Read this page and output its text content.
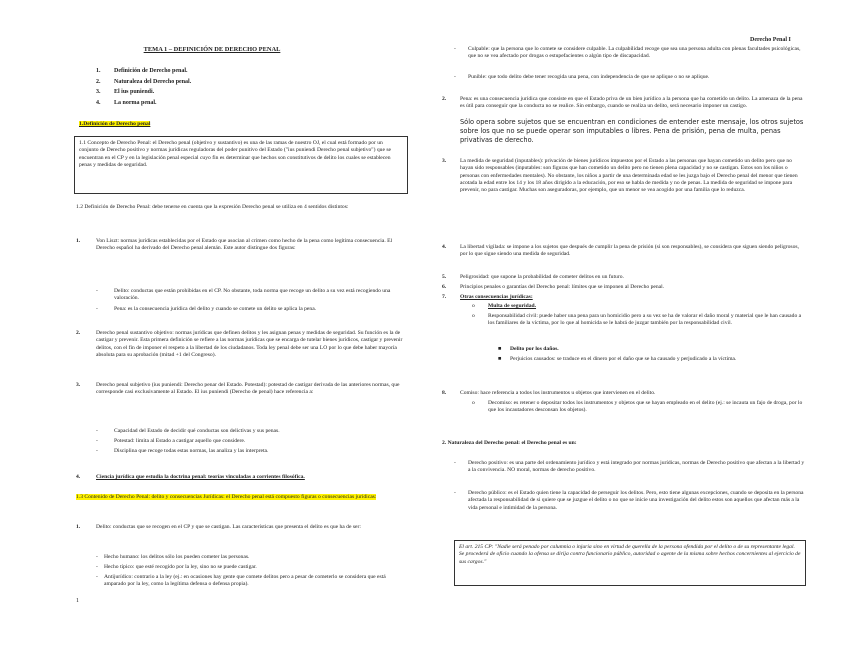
TEMA 1 – DEFINICIÓN DE DERECHO PENAL
1. Definición de Derecho penal.
2. Naturaleza del Derecho penal.
3. El ius puniendi.
4. La norma penal.
1.Definición de Derecho penal
1.1 Concepto de Derecho Penal: el Derecho penal (objetivo y sustantivo) es una de las ramas de nuestro OJ, el cual está formado por un conjunto de Derecho positivo y normas jurídicas reguladoras del poder punitivo del Estado ("ius puniendi Derecho penal subjetivo") que se encuentran en el CP y en la legislación penal especial cuyo fin es determinar que hechos son constitutivos de delito los cuales se establecen penas y medidas de seguridad.
1.2 Definición de Derecho Penal: debe tenerse en cuenta que la expresión Derecho penal se utiliza en 4 sentidos distintos:
1.	Von Liszt: normas jurídicas establecidas por el Estado que asocian al crimen como hecho de la pena como legítima consecuencia. El Derecho español ha derivado del Derecho penal alemán. Este autor distingue dos figuras:
-	Delito: conductas que están prohibidas en el CP. No obstante, toda norma que recoge un delito a su vez está recogiendo una valoración.
-	Pena: es la consecuencia jurídica del delito y cuando se comete un delito se aplica la pena.
2.	Derecho penal sustantivo objetivo: normas jurídicas que definen delitos y les asignan penas y medidas de seguridad. Su función es la de castigar y prevenir. Esta primera definición se refiere a las normas jurídicas que se encarga de tutelar bienes jurídicos, castigar y prevenir delitos, con el fin de imponer el respeto a la libertad de los ciudadanos. Toda ley penal debe ser una LO por lo que debe haber mayoría absoluta para su aprobación (mitad +1 del Congreso).
3.	Derecho penal subjetivo (ius puniendi: Derecho penar del Estado. Potestad): potestad de castigar derivada de las anteriores normas, que corresponde casi exclusivamente al Estado. El ius puniendi (Derecho de penal) hace referencia a:
-	Capacidad del Estado de decidir qué conductas son delictivas y sus penas.
-	Potestad: limita al Estado a castigar aquello que considere.
-	Disciplina que recoge todas estas normas, las analiza y las interpreta.
4.	Ciencia jurídica que estudia la doctrina penal: teorías vinculadas a corrientes filosófica.
1.3 Contenido de Derecho Penal: delito y consecuencias Jurídicas: el Derecho penal está compuesto figuras o consecuencias jurídicas:
1.	Delito: conductas que se recogen en el CP y que se castigan. Las características que presenta el delito es que ha de ser:
- Hecho humano: los delitos sólo los pueden cometer las personas.
- Hecho típico: que esté recogido por la ley, sino no se puede castigar.
- Antijurídico: contrario a la ley (ej.: en ocasiones hay gente que comete delitos pero a pesar de cometerlo se considera que está amparado por la ley, como la legítima defensa o defensa propia).
1
Derecho Penal I
- Culpable: que la persona que lo comete se considere culpable. La culpabilidad recoge que sea una persona adulta con plenas facultades psicológicas, que no se vea afectado por drogas o estupefacientes o algún tipo de discapacidad.
- Punible: que todo delito debe tener recogida una pena, con independencia de que se aplique o no se aplique.
2. Pena: es una consecuencia jurídica que consiste en que el Estado priva de un bien jurídico a la persona que ha cometido un delito. La amenaza de la pena es útil para conseguir que la conducta no se realice. Sin embargo, cuando se realiza un delito, será necesario imponer un castigo.
Sólo opera sobre sujetos que se encuentran en condiciones de entender este mensaje, los otros sujetos sobre los que no se puede operar son imputables o libres. Pena de prisión, pena de multa, penas privativas de derecho.
3. La medida de seguridad (inputables): privación de bienes jurídicos impuestos por el Estado a las personas que hayan cometido un delito pero que no hayan sido responsables (inputables: son figuras que han cometido un delito pero no tienen plena capacidad y no se castigan. Estos son los niños o personas con enfermedades mentales). No obstante, los niños a partir de una determinada edad se les juzga bajo el Derecho penal del menor que tienen acotada la edad entre los 14 y los 18 años dirigido a la educación, por eso se habla de medida y no de penas. La medida de seguridad se impone para prevenir, no para castigar. Muchas son aseguradoras, por ejemplo, que un menor se vea acogido por una familia que lo reduzca.
4. La libertad vigilada: se impone a los sujetos que después de cumplir la pena de prisión (si son responsables), se considera que siguen siendo peligrosos, por lo que sigue siendo una medida de seguridad.
5. Peligrosidad: que supone la probabilidad de cometer delitos en un futuro.
6. Principios penales o garantías del Derecho penal: límites que se imponen al Derecho penal.
7. Otras consecuencias jurídicas:
o Multa de seguridad.
o Responsabilidad civil: puede haber una pena para un homicidio pero a su vez se ha de valorar el daño moral y material que le han causado a los familiares de la víctima, por lo que al homicida se le habrá de juzgar también por la responsabilidad civil.
■ Delito por los daños.
■ Perjuicios causados: se traduce en el dinero por el daño que se ha causado y perjudicado a la víctima.
8. Comiso: hace referencia a todos los instrumentos u objetos que intervienen en el delito.
o Decomiso: es retener o depositar todos los instrumentos y objetos que se hayan empleado en el delito (ej.: se incauta un fajo de droga, por lo que los incautadores desconsan los objetos).
2. Naturaleza del Derecho penal: el Derecho penal es un:
- Derecho positivo: es una parte del ordenamiento jurídico y está integrado por normas jurídicas, normas de Derecho positivo que afectan a la libertad y a la convivencia. NO moral, normas de derecho positivo.
- Derecho público: es el Estado quien tiene la capacidad de perseguir los delitos. Pero, esto tiene algunas excepciones, cuando se deposita en la persona afectada la responsabilidad de si quiere que se juzgue el delito o no que se inicie una investigación del delito estos son aquellos que afectan más a la vida personal e intimidad de la persona.
El art. 215 CP: "Nadie será penado por calumnia o injuria sino en virtud de querella de la persona ofendida por el delito o de su representante legal. Se procederá de oficio cuando la ofensa se dirija contra funcionario público, autoridad o agente de la misma sobre hechos concernientes al ejercicio de sus cargos."
